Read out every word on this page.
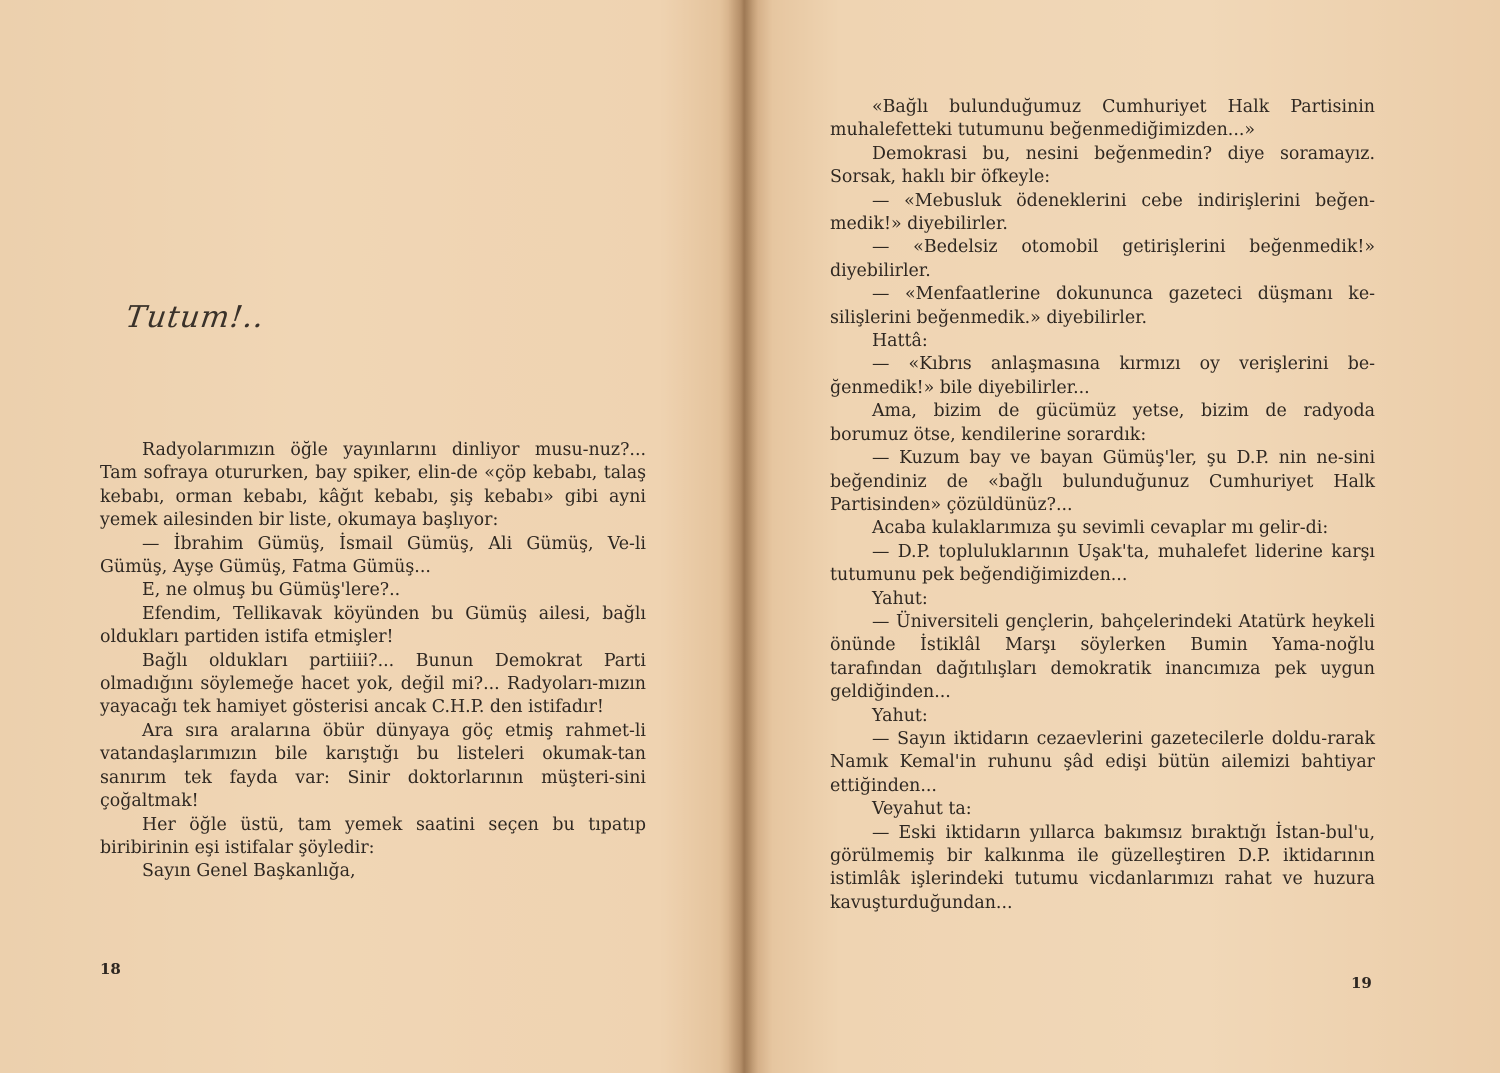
Tutum!..

Radyolarımızın öğle yayınlarını dinliyor musu-nuz?... Tam sofraya otururken, bay spiker, elin-de «çöp kebabı, talaş kebabı, orman kebabı, kâğıt kebabı, şiş kebabı» gibi ayni yemek ailesinden bir liste, okumaya başlıyor:

— İbrahim Gümüş, İsmail Gümüş, Ali Gümüş, Ve-li Gümüş, Ayşe Gümüş, Fatma Gümüş...

E, ne olmuş bu Gümüş'lere?..

Efendim, Tellikavak köyünden bu Gümüş ailesi, bağlı oldukları partiden istifa etmişler!

Bağlı oldukları partiiii?... Bunun Demokrat Parti olmadığını söylemeğe hacet yok, değil mi?... Radyoları-mızın yayacağı tek hamiyet gösterisi ancak C.H.P. den istifadır!

Ara sıra aralarına öbür dünyaya göç etmiş rahmet-li vatandaşlarımızın bile karıştığı bu listeleri okumak-tan sanırım tek fayda var: Sinir doktorlarının müşteri-sini çoğaltmak!

Her öğle üstü, tam yemek saatini seçen bu tıpatıp biribirinin eşi istifalar şöyledir:

Sayın Genel Başkanlığa,

18

«Bağlı bulunduğumuz Cumhuriyet Halk Partisinin muhalefetteki tutumunu beğenmediğimizden...»

Demokrasi bu, nesini beğenmedin? diye soramayız. Sorsak, haklı bir öfkeyle:

— «Mebusluk ödeneklerini cebe indirişlerini beğen-medik!» diyebilirler.

— «Bedelsiz otomobil getirişlerini beğenmedik!» diyebilirler.

— «Menfaatlerine dokununca gazeteci düşmanı ke-silişlerini beğenmedik.» diyebilirler.

Hattâ:

— «Kıbrıs anlaşmasına kırmızı oy verişlerini be-ğenmedik!» bile diyebilirler...

Ama, bizim de gücümüz yetse, bizim de radyoda borumuz ötse, kendilerine sorardık:

— Kuzum bay ve bayan Gümüş'ler, şu D.P. nin ne-sini beğendiniz de «bağlı bulunduğunuz Cumhuriyet Halk Partisinden» çözüldünüz?...

Acaba kulaklarımıza şu sevimli cevaplar mı gelir-di:

— D.P. topluluklarının Uşak'ta, muhalefet liderine karşı tutumunu pek beğendiğimizden...

Yahut:

— Üniversiteli gençlerin, bahçelerindeki Atatürk heykeli önünde İstiklâl Marşı söylerken Bumin Yama-noğlu tarafından dağıtılışları demokratik inancımıza pek uygun geldiğinden...

Yahut:

— Sayın iktidarın cezaevlerini gazetecilerle doldu-rarak Namık Kemal'in ruhunu şâd edişi bütün ailemizi bahtiyar ettiğinden...

Veyahut ta:

— Eski iktidarın yıllarca bakımsız bıraktığı İstan-bul'u, görülmemiş bir kalkınma ile güzelleştiren D.P. iktidarının istimlâk işlerindeki tutumu vicdanlarımızı rahat ve huzura kavuşturduğundan...

19
